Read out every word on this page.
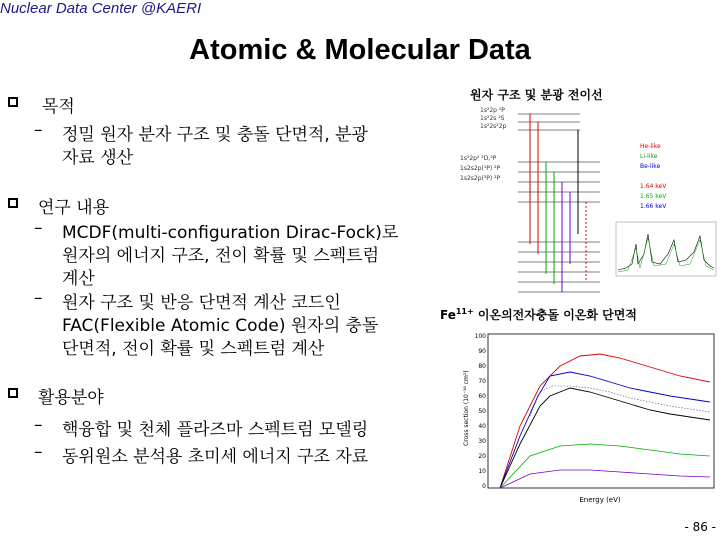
Nuclear Data Center @KAERI
Atomic & Molecular Data
목적
– 정밀 원자 분자 구조 및 충돌 단면적, 분광
자료 생산
연구 내용
– MCDF(multi-configuration Dirac-Fock)로
원자의 에너지 구조, 전이 확률 및 스펙트럼
계산
– 원자 구조 및 반응 단면적 계산 코드인
FAC(Flexible Atomic Code) 원자의 충돌
단면적, 전이 확률 및 스펙트럼 계산
활용분야
– 핵융합 및 천체 플라즈마 스펙트럼 모델링
– 동위원소 분석용 초미세 에너지 구조 자료
원자 구조 및 분광 전이선
1s²2p ²P
1s²2s ²S
1s²2s²2p
1s²2p² ²D,²P
1s2s2p(¹P) ²P
1s2s2p(³P) ²P
He-like
Li-like
Be-like
1.64 keV
1.65 keV
1.66 keV
$Fe^{11+}$ 이온의전자충돌 이온화 단면적
100
90
80
70
60
50
40
30
20
10
0
Energy (eV)
Cross section (10⁻¹⁸ cm²)
- 86 -
